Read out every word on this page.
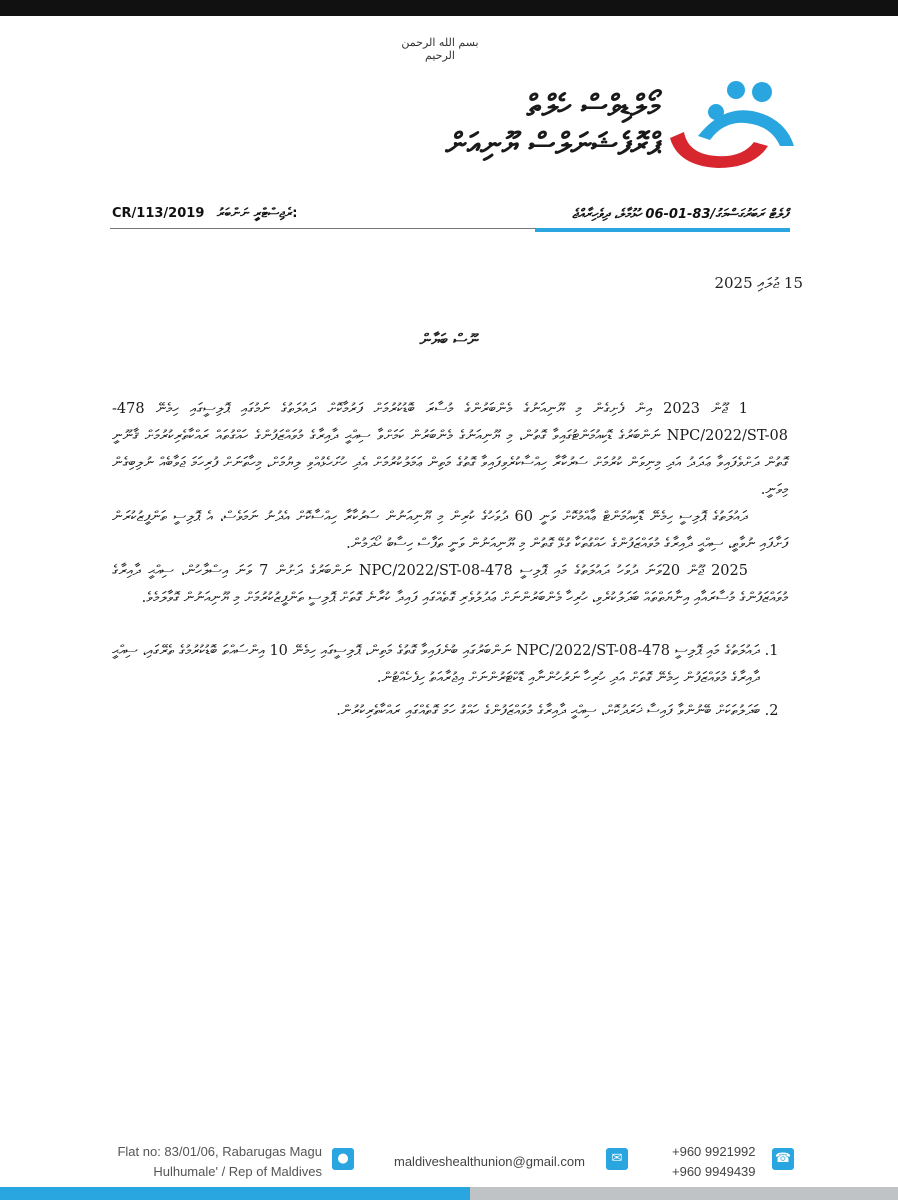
بسم الله الرحمن الرحيم
މޯލްޑިވްސް ހެލްތް
ޕްރޮފެޝަނަލްސް ޔޫނިއަން
CR/113/2019 ރެޖިސްޓްރީ ނަންބަރު:	ފްލެޓް ރަބަރުގަސްމަގު/83-01-06 ހުޅުމާލެ، ދިވެހިރާއްޖެ
15 ޖުލައި 2025
ނޫސް ބަޔާން

1 ޖޫން 2023 އިން ފެށިގެން މި ޔޫނިއަނުގެ މެންބަރުންގެ މުސާރަ ބޮޑުކުރުމަށް ފަރުމާކޮށް ދައުލަތުގެ ނަމުގައި ޕޮލިސީގައި ހިމެނޭ 478-NPC/2022/ST-08 ނަންބަރުގެ ޑޮކިއުމަންޓުގައިވާ ގޮތުން، މި ޔޫނިއަނުގެ މެންބަރުން ކަމަށްވާ ސިއްޙީ ދާއިރާގެ މުވައްޒަފުންގެ ހައްގުތައް ރައްކާތެރިކުރުމަށް ޤާނޫނީ ގޮތުން ދަށްވެފައިވާ ޢަދަދު އަދި މިނިވަން ކުރުމަށް ސަރުކާރާ ހިއްސާކުރެވިފައިވާ ގޮތުގެ މަތިން ޢަމަލުކުރުމަށް އެދި ހުށަހެޅުއްވި ލިޔުމަށް، މިހާތަނަށް ފުރިހަމަ ޖަވާބެއް ނުލިބިގެން މިވަނީ.

ދައުލަތުގެ ޕޮލިސީ ހިމެނޭ ޑޮކިއުމަންޓް ޢާއްމުކޮށް ވަނީ 60 ދުވަހުގެ ކުރިން މި ޔޫނިއަނުން ސަރުކާރާ ހިއްސާކޮށް އެދުނު ނަމަވެސް، އެ ޕޮލިސީ ތަންފީޒުކުރަން ފަށާފައި ނުވާތީ، ސިއްޙީ ދާއިރާގެ މުވައްޒަފުންގެ ހައްގުތަކާ ގުޅޭ ގޮތުން މި ޔޫނިއަނުން ވަނީ ތަފާސް ހިސާބު ހޯދަމުން.

2025 ޖޫން 20ވަނަ ދުވަހު ދައުލަތުގެ މައި ޕޮލިސީ 478-NPC/2022/ST-08 ނަންބަރުގެ ދަށުން 7 ވަނަ އިސްލާހުން، ސިއްޙީ ދާއިރާގެ މުވައްޒަފުންގެ މުސާރައާއި އިނާޔަތްތައް ބަދަލުކުރެވި، ހުރިހާ މެންބަރުންނަށް ޢަދުލުވެރި ގޮތެއްގައި ފައިދާ ކުރާނެ ގޮތަށް ޕޮލިސީ ތަންފީޒުކުރުމަށް މި ޔޫނިއަނުން ގޮވާލަމެވެ.

1. ދައުލަތުގެ މައި ޕޮލިސީ 478-NPC/2022/ST-08 ނަންބަރުގައި ބުނެފައިވާ ގޮތުގެ މަތިން، ޕޮލިސީގައި ހިމެނޭ 10 އިންސައްތަ ބޮޑުކުރުމުގެ ތެރޭގައި، ސިއްޙީ ދާއިރާގެ މުވައްޒަފުން ހިމެނޭ ގޮތަށް އަދި ހުރިހާ ނަރުހުންނާއި ޑޮކްޓަރުންނަށް އިޖުރާއަތު ހިފެހެއްޓުން.
2. ބަދަލުތަކަށް ބޭނުންވާ ފައިސާ ޚަރަދުކޮށް، ސިއްޙީ ދާއިރާގެ މުވައްޒަފުންގެ ހައްގު ހަމަ ގޮތެއްގައި ރައްކާތެރިކުރުން.
Flat no: 83/01/06, Rabarugas Magu
Hulhumale' / Rep of Maldives
●	maldiveshealthunion@gmail.com	✉	+960 9921992
+960 9949439
☎
